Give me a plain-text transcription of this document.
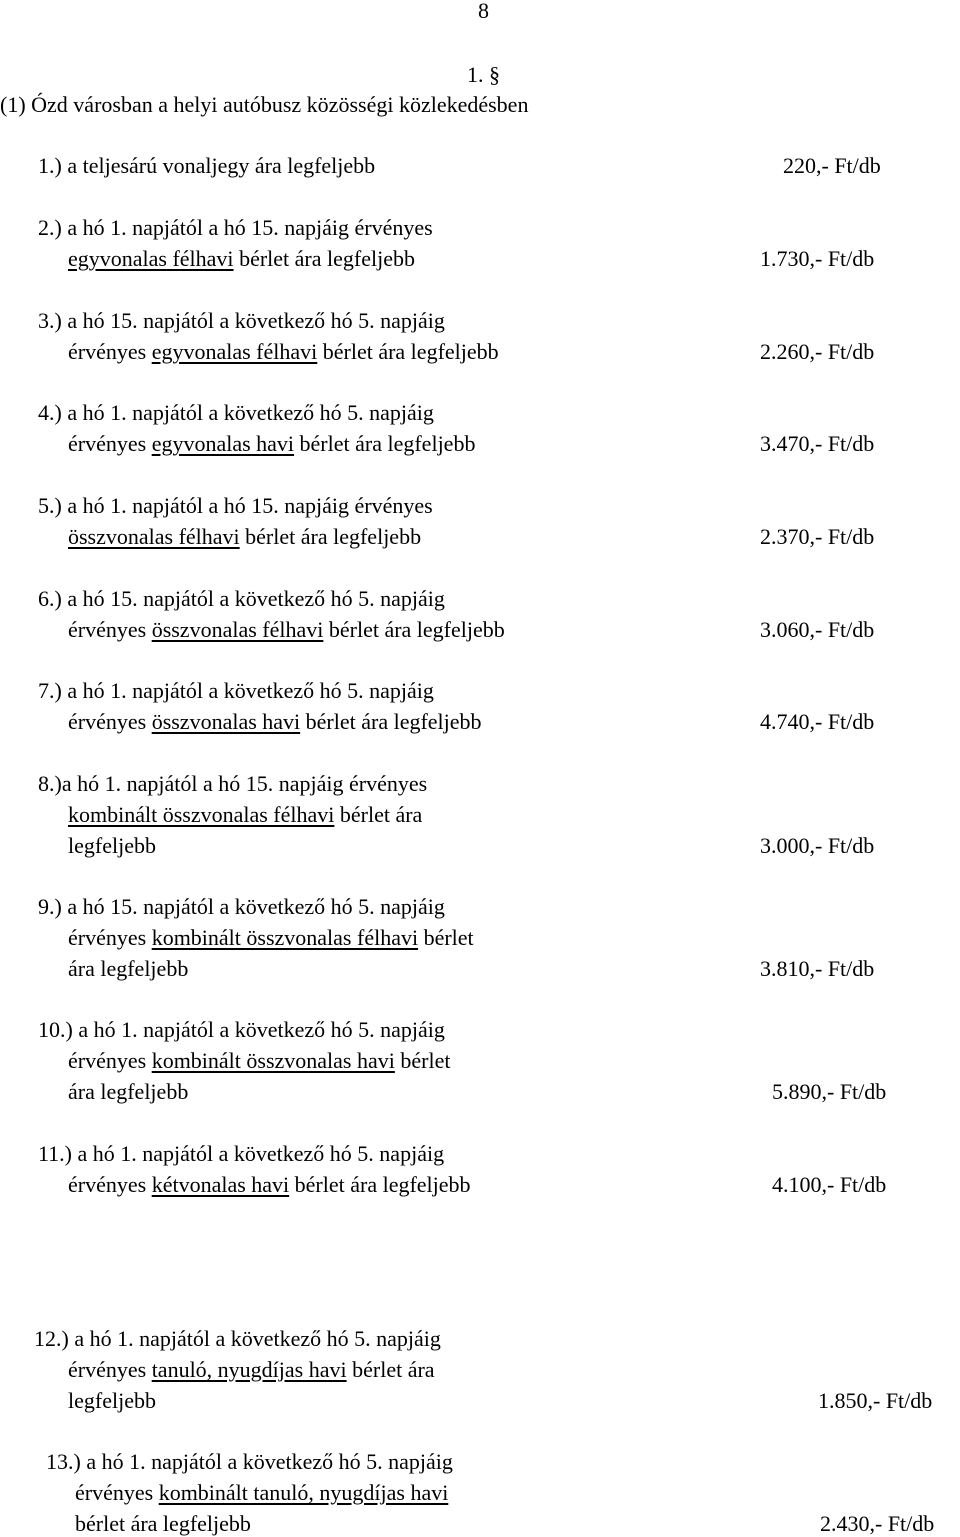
8
1. §
(1) Ózd városban a helyi autóbusz közösségi közlekedésben
1.) a teljesárú vonaljegy ára legfeljebb	220,- Ft/db
2.) a hó 1. napjától a hó 15. napjáig érvényes
egyvonalas félhavi bérlet ára legfeljebb	1.730,- Ft/db
3.) a hó 15. napjától a következő hó 5. napjáig
érvényes egyvonalas félhavi bérlet ára legfeljebb	2.260,- Ft/db
4.) a hó 1. napjától a következő hó 5. napjáig
érvényes egyvonalas havi bérlet ára legfeljebb	3.470,- Ft/db
5.) a hó 1. napjától a hó 15. napjáig érvényes
összvonalas félhavi bérlet ára legfeljebb	2.370,- Ft/db
6.) a hó 15. napjától a következő hó 5. napjáig
érvényes összvonalas félhavi bérlet ára legfeljebb	3.060,- Ft/db
7.) a hó 1. napjától a következő hó 5. napjáig
érvényes összvonalas havi bérlet ára legfeljebb	4.740,- Ft/db
8.)a hó 1. napjától a hó 15. napjáig érvényes
kombinált összvonalas félhavi bérlet ára
legfeljebb	3.000,- Ft/db
9.) a hó 15. napjától a következő hó 5. napjáig
érvényes kombinált összvonalas félhavi bérlet
ára legfeljebb	3.810,- Ft/db
10.) a hó 1. napjától a következő hó 5. napjáig
érvényes kombinált összvonalas havi bérlet
ára legfeljebb	5.890,- Ft/db
11.) a hó 1. napjától a következő hó 5. napjáig
érvényes kétvonalas havi bérlet ára legfeljebb	4.100,- Ft/db
12.) a hó 1. napjától a következő hó 5. napjáig
érvényes tanuló, nyugdíjas havi bérlet ára
legfeljebb	1.850,- Ft/db
13.) a hó 1. napjától a következő hó 5. napjáig
érvényes kombinált tanuló, nyugdíjas havi
bérlet ára legfeljebb	2.430,- Ft/db
